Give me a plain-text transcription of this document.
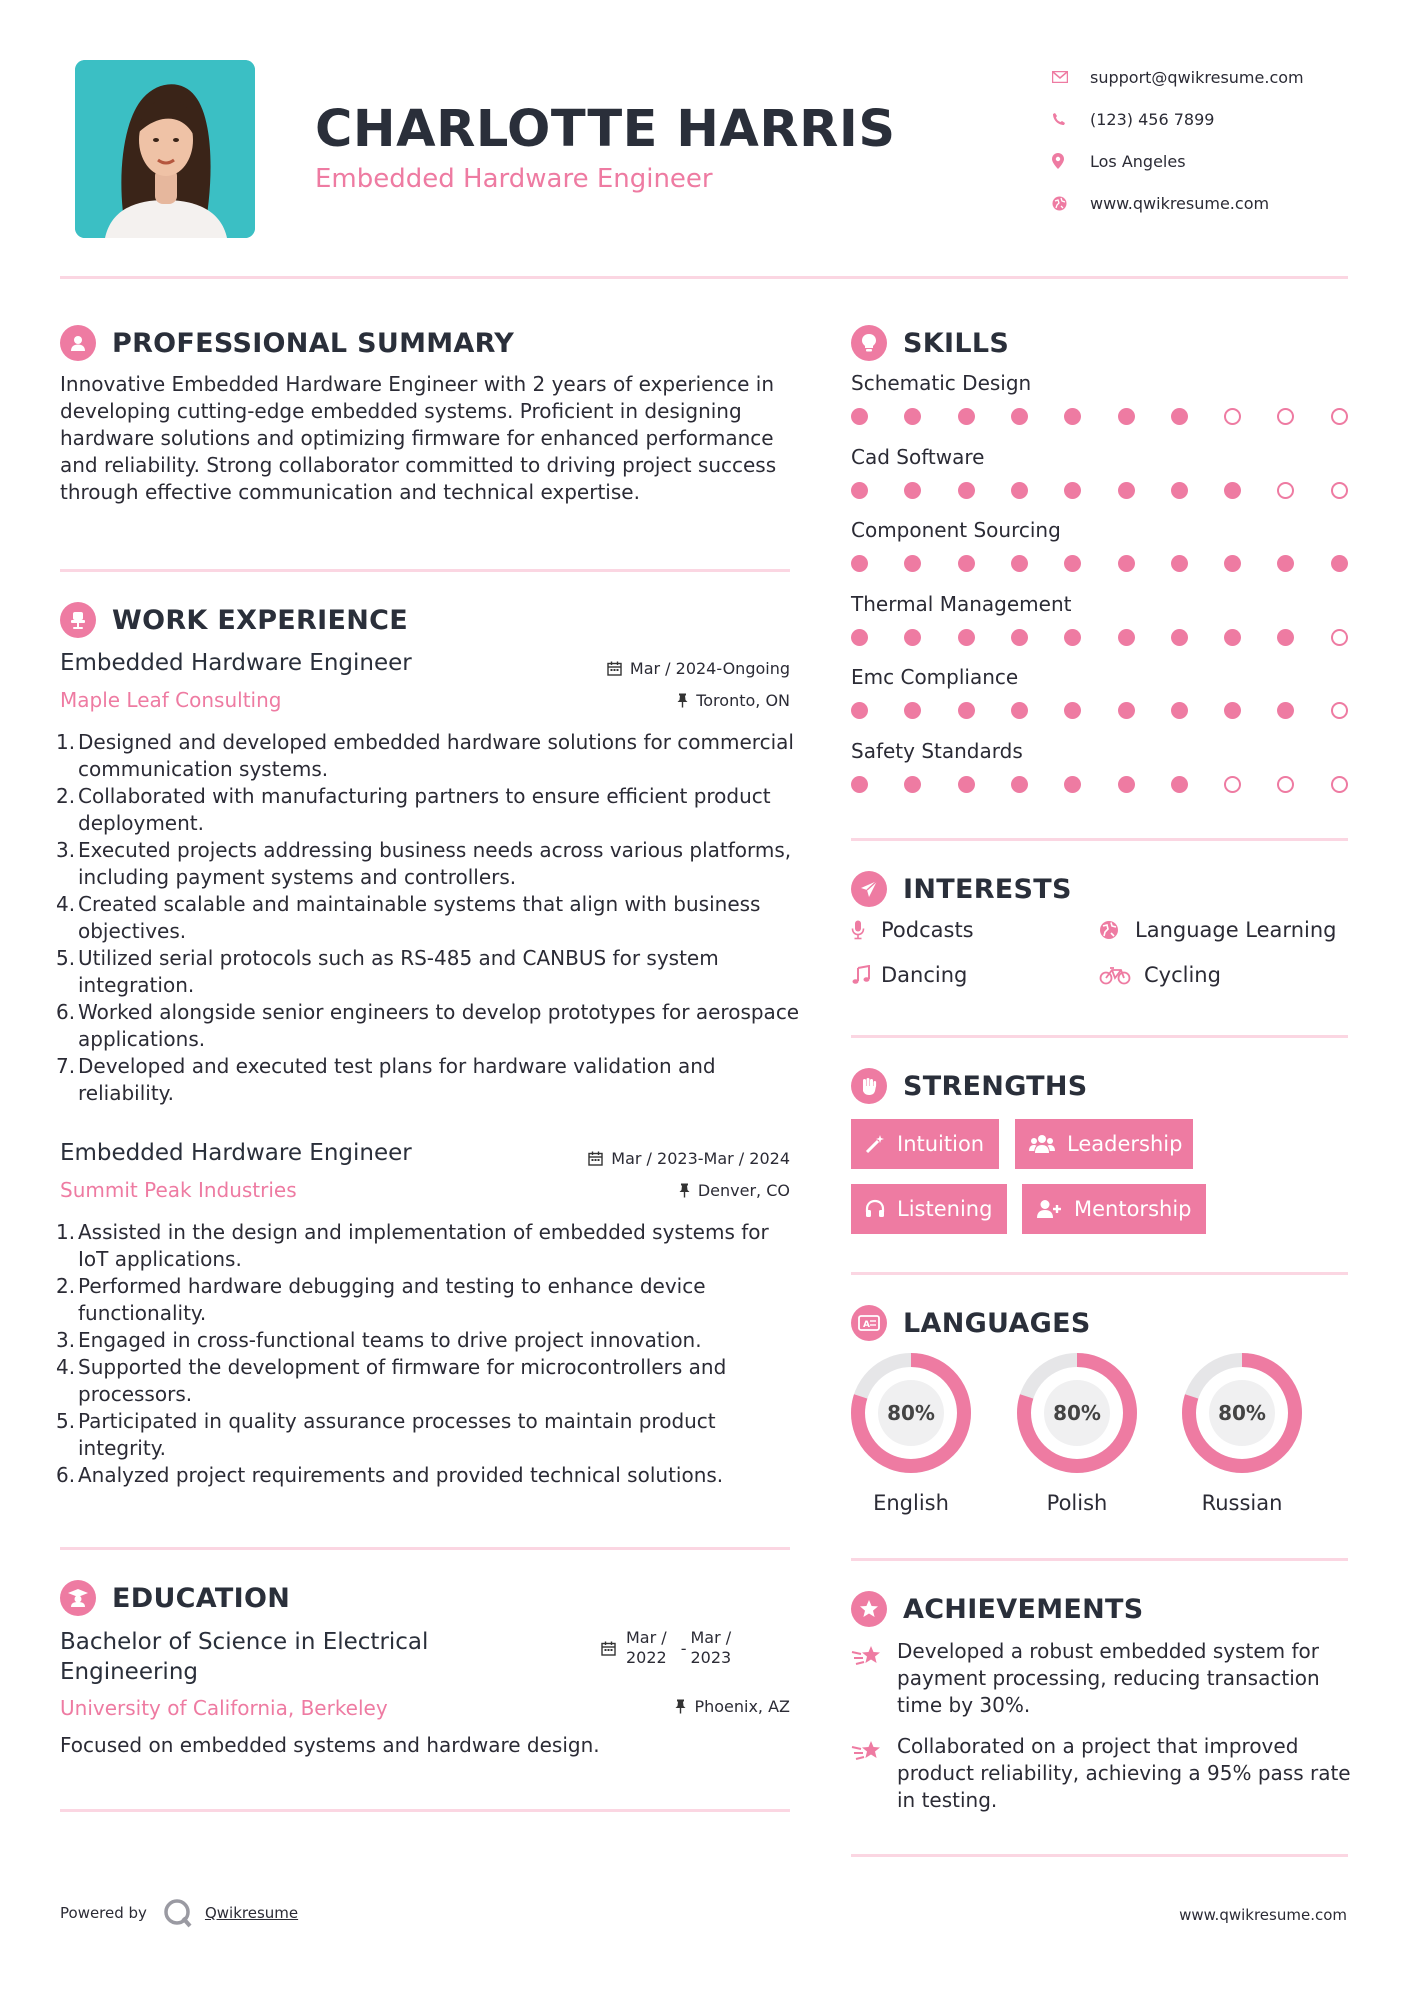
CHARLOTTE HARRIS
Embedded Hardware Engineer
support@qwikresume.com
(123) 456 7899
Los Angeles
www.qwikresume.com
PROFESSIONAL SUMMARY
Innovative Embedded Hardware Engineer with 2 years of experience in developing cutting-edge embedded systems. Proficient in designing hardware solutions and optimizing firmware for enhanced performance and reliability. Strong collaborator committed to driving project success through effective communication and technical expertise.
WORK EXPERIENCE
Embedded Hardware Engineer	Mar / 2024-Ongoing
Maple Leaf Consulting	Toronto, ON
1. Designed and developed embedded hardware solutions for commercial communication systems.
2. Collaborated with manufacturing partners to ensure efficient product deployment.
3. Executed projects addressing business needs across various platforms, including payment systems and controllers.
4. Created scalable and maintainable systems that align with business objectives.
5. Utilized serial protocols such as RS-485 and CANBUS for system integration.
6. Worked alongside senior engineers to develop prototypes for aerospace applications.
7. Developed and executed test plans for hardware validation and reliability.
Embedded Hardware Engineer	Mar / 2023-Mar / 2024
Summit Peak Industries	Denver, CO
1. Assisted in the design and implementation of embedded systems for IoT applications.
2. Performed hardware debugging and testing to enhance device functionality.
3. Engaged in cross-functional teams to drive project innovation.
4. Supported the development of firmware for microcontrollers and processors.
5. Participated in quality assurance processes to maintain product integrity.
6. Analyzed project requirements and provided technical solutions.
EDUCATION
Bachelor of Science in Electrical
Engineering
Mar /
2022 -
Mar /
2023
University of California, Berkeley	Phoenix, AZ
Focused on embedded systems and hardware design.
SKILLS
Schematic Design
Cad Software
Component Sourcing
Thermal Management
Emc Compliance
Safety Standards
INTERESTS
Podcasts	Language Learning
Dancing	Cycling
STRENGTHS
Intuition	Leadership
Listening	Mentorship
A LANGUAGES
80%
English
80%
Polish
80%
Russian
ACHIEVEMENTS
Developed a robust embedded system for payment processing, reducing transaction time by 30%.
Collaborated on a project that improved product reliability, achieving a 95% pass rate in testing.
Powered by	Qwikresume	www.qwikresume.com
